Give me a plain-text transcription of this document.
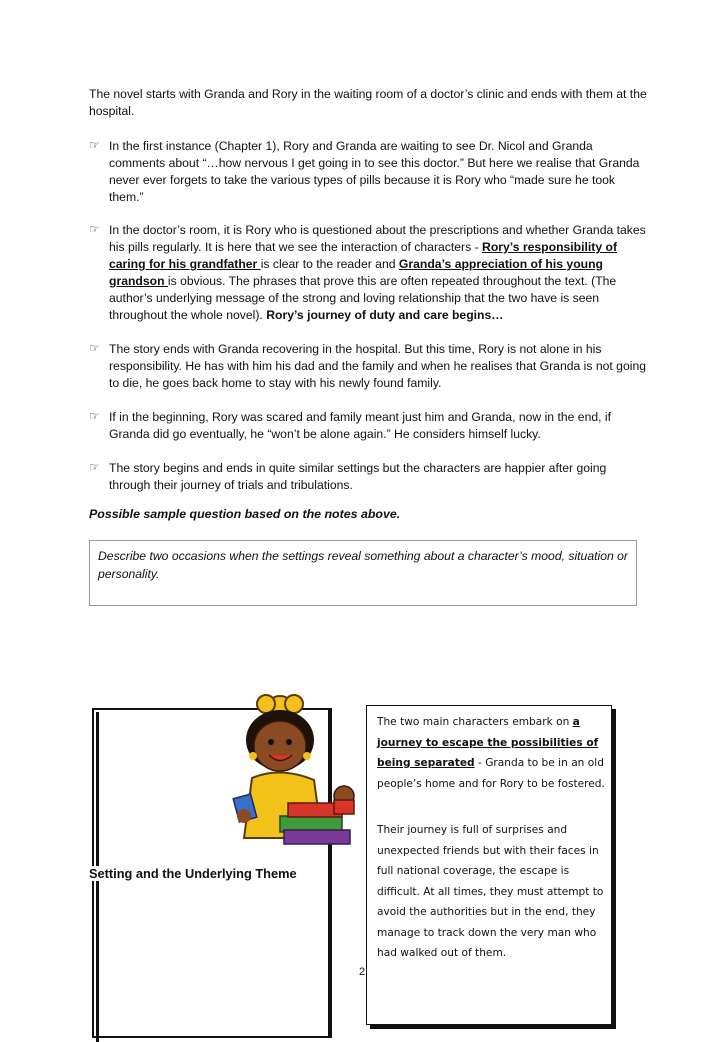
The novel starts with Granda and Rory in the waiting room of a doctor’s clinic and ends with them at the hospital.

☞ In the first instance (Chapter 1), Rory and Granda are waiting to see Dr. Nicol and Granda comments about “…how nervous I get going in to see this doctor.” But here we realise that Granda never ever forgets to take the various types of pills because it is Rory who “made sure he took them.”
☞ In the doctor’s room, it is Rory who is questioned about the prescriptions and whether Granda takes his pills regularly. It is here that we see the interaction of characters - Rory’s responsibility of caring for his grandfather is clear to the reader and Granda’s appreciation of his young grandson is obvious. The phrases that prove this are often repeated throughout the text. (The author’s underlying message of the strong and loving relationship that the two have is seen throughout the whole novel). Rory’s journey of duty and care begins…
☞ The story ends with Granda recovering in the hospital. But this time, Rory is not alone in his responsibility. He has with him his dad and the family and when he realises that Granda is not going to die, he goes back home to stay with his newly found family.
☞ If in the beginning, Rory was scared and family meant just him and Granda, now in the end, if Granda did go eventually, he “won’t be alone again.” He considers himself lucky.
☞ The story begins and ends in quite similar settings but the characters are happier after going through their journey of trials and tribulations.

Possible sample question based on the notes above.

Describe two occasions when the settings reveal something about a character’s mood, situation or personality.

Setting and the Underlying Theme

The two main characters embark on a journey to escape the possibilities of being separated - Granda to be in an old people’s home and for Rory to be fostered.

Their journey is full of surprises and unexpected friends but with their faces in full national coverage, the escape is difficult. At all times, they must attempt to avoid the authorities but in the end, they manage to track down the very man who had walked out of them.

2
